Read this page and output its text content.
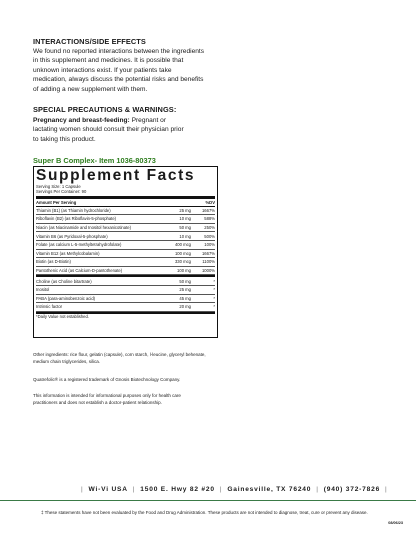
INTERACTIONS/SIDE EFFECTS
We found no reported interactions between the ingredients
in this supplement and medicines. It is possible that
unknown interactions exist. If your patients take
medication, always discuss the potential risks and benefits
of adding a new supplement with them.
SPECIAL PRECAUTIONS & WARNINGS:
Pregnancy and breast-feeding: Pregnant or
lactating women should consult their physician prior
to taking this product.
Super B Complex- Item 1036-80373
Supplement Facts
Serving Size: 1 Capsule
Servings Per Container: 90
Amount Per Serving	%DV
Thiamin (B1) (as Thiamin hydrochloride)	25 mg	1667%
Riboflavin (B2) (as Riboflavin-5-phosphate)	10 mg	588%
Niacin (as Niacinamide and Inositol hexanicotinate)	50 mg	250%
Vitamin B6 (as Pyridoxal-5-phosphate)	10 mg	500%
Folate (as calcium L-5-methyltetrahydrofolate)	400 mcg	100%
Vitamin B12 (as Methylcobalamin)	100 mcg	1667%
Biotin (as D-Biotin)	330 mcg	1100%
Pantothenic Acid (as Calcium-D-pantothenate)	100 mg	1000%
Choline (as Choline bitartrate)	50 mg	*
Inositol	25 mg	*
PABA (para-aminobenzoic acid)	45 mg	*
Intrinsic factor	20 mg	*
*Daily Value not established.
Other ingredients: rice flour, gelatin (capsule), corn starch, l-leucine, glyceryl behenate,
medium chain triglycerides, silica.
Quatrefolic® is a registered trademark of Gnosis Biotechnology Company.
This information is intended for informational purposes only for health care
practitioners and does not establish a doctor-patient relationship.
| Wi-Vi USA | 1500 E. Hwy 82 #20 | Gainesville, TX 76240 | (940) 372-7826 |
‡ These statements have not been evaluated by the Food and Drug Administration. These products are not intended to diagnose, treat, cure or prevent any disease.
08/06/23
